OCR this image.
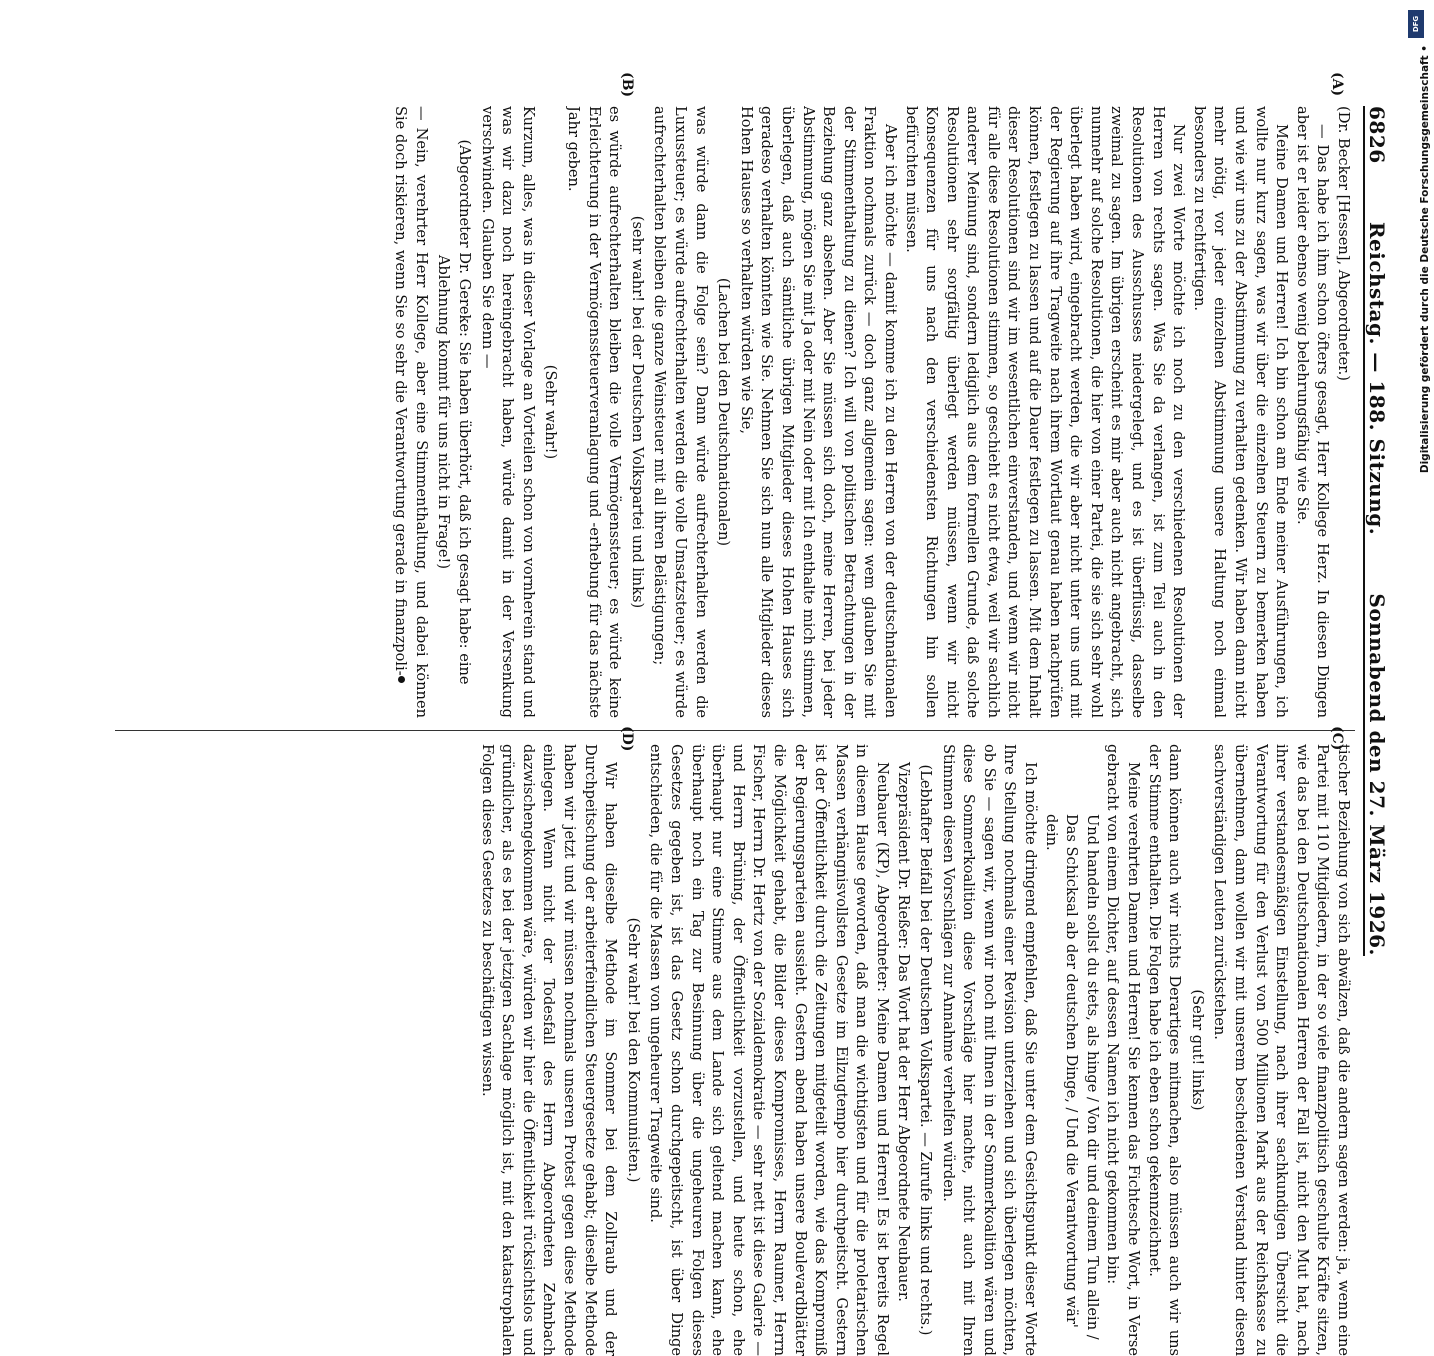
6826
Reichstag. — 188. Sitzung.
Sonnabend den 27. März 1926.

(Dr. Becker [Hessen], Abgeordneter.)

— Das habe ich ihm schon öfters gesagt, Herr Kollege Herz. In diesen Dingen aber ist er leider ebenso wenig belehrungsfähig wie Sie.

Meine Damen und Herren! Ich bin schon am Ende meiner Ausführungen, ich wollte nur kurz sagen, was wir über die einzelnen Steuern zu bemerken haben und wie wir uns zu der Abstimmung zu verhalten gedenken. Wir haben dann nicht mehr nötig, vor jeder einzelnen Abstimmung unsere Haltung noch einmal besonders zu rechtfertigen.

Nur zwei Worte möchte ich noch zu den verschiedenen Resolutionen der Herren von rechts sagen. Was Sie da verlangen, ist zum Teil auch in den Resolutionen des Ausschusses niedergelegt, und es ist überflüssig, dasselbe zweimal zu sagen. Im übrigen erscheint es mir aber auch nicht angebracht, sich nunmehr auf solche Resolutionen, die hier von einer Partei, die sie sich sehr wohl überlegt haben wird, eingebracht werden, die wir aber nicht unter uns und mit der Regierung auf ihre Tragweite nach ihrem Wortlaut genau haben nachprüfen können, festlegen zu lassen und auf die Dauer festlegen zu lassen. Mit dem Inhalt dieser Resolutionen sind wir im wesentlichen einverstanden, und wenn wir nicht für alle diese Resolutionen stimmen, so geschieht es nicht etwa, weil wir sachlich anderer Meinung sind, sondern lediglich aus dem formellen Grunde, daß solche Resolutionen sehr sorgfältig überlegt werden müssen, wenn wir nicht Konsequenzen für uns nach den verschiedensten Richtungen hin sollen befürchten müssen.

Aber ich möchte — damit komme ich zu den Herren von der deutschnationalen Fraktion nochmals zurück — doch ganz allgemein sagen: wem glauben Sie mit der Stimmenthaltung zu dienen? Ich will von politischen Betrachtungen in der Beziehung ganz absehen. Aber Sie müssen sich doch, meine Herren, bei jeder Abstimmung, mögen Sie mit Ja oder mit Nein oder mit Ich enthalte mich stimmen, überlegen, daß auch sämtliche übrigen Mitglieder dieses Hohen Hauses sich geradeso verhalten könnten wie Sie. Nehmen Sie sich nun alle Mitglieder dieses Hohen Hauses so verhalten würden wie Sie,

(Lachen bei den Deutschnationalen)

was würde dann die Folge sein? Dann würde aufrechterhalten werden die Luxussteuer; es würde aufrechterhalten werden die volle Umsatzsteuer; es würde aufrechterhalten bleiben die ganze Weinsteuer mit all ihren Belästigungen;

(sehr wahr! bei der Deutschen Volkspartei und links)

es würde aufrechterhalten bleiben die volle Vermögenssteuer; es würde keine Erleichterung in der Vermögenssteuerveranlagung und -erhebung für das nächste Jahr geben.

(Sehr wahr!)

Kurzum, alles, was in dieser Vorlage an Vorteilen schon von vornherein stand und was wir dazu noch hereingebracht haben, würde damit in der Versenkung verschwinden. Glauben Sie denn —

(Abgeordneter Dr. Gereke: Sie haben überhört, daß ich gesagt habe: eine Ablehnung kommt für uns nicht in Frage!)

— Nein, verehrter Herr Kollege, aber eine Stimmenthaltung, und dabei können Sie doch riskieren, wenn Sie so sehr die Verantwortung gerade in finanzpoli-

tischer Beziehung von sich abwälzen, daß die andern sagen werden: ja, wenn eine Partei mit 110 Mitgliedern, in der so viele finanzpolitisch geschulte Kräfte sitzen, wie das bei den Deutschnationalen Herren der Fall ist, nicht den Mut hat, nach ihrer verstandesmäßigen Einstellung, nach ihrer sachkundigen Übersicht die Verantwortung für den Verlust von 500 Millionen Mark aus der Reichskasse zu übernehmen, dann wollen wir mit unserem bescheidenen Verstand hinter diesen sachverständigen Leuten zurückstehen.

(Sehr gut! links)

dann können auch wir nichts Derartiges mitmachen, also müssen auch wir uns der Stimme enthalten. Die Folgen habe ich eben schon gekennzeichnet.

Meine verehrten Damen und Herren! Sie kennen das Fichtesche Wort, in Verse gebracht von einem Dichter, auf dessen Namen ich nicht gekommen bin:

Und handeln sollst du stets, als hinge / Von dir und deinem Tun allein / Das Schicksal ab der deutschen Dinge, / Und die Verantwortung wär' dein.

Ich möchte dringend empfehlen, daß Sie unter dem Gesichtspunkt dieser Worte Ihre Stellung nochmals einer Revision unterziehen und sich überlegen möchten, ob Sie — sagen wir, wenn wir noch mit Ihnen in der Sommerkoalition wären und diese Sommerkoalition diese Vorschläge hier machte, nicht auch mit Ihren Stimmen diesen Vorschlägen zur Annahme verhelfen würden.

(Lebhafter Beifall bei der Deutschen Volkspartei. — Zurufe links und rechts.)

Vizepräsident Dr. Rießer: Das Wort hat der Herr Abgeordnete Neubauer.

Neubauer (KP), Abgeordneter: Meine Damen und Herren! Es ist bereits Regel in diesem Hause geworden, daß man die wichtigsten und für die proletarischen Massen verhängnisvollsten Gesetze im Eilzugtempo hier durchpeitscht. Gestern ist der Öffentlichkeit durch die Zeitungen mitgeteilt worden, wie das Kompromiß der Regierungsparteien aussieht. Gestern abend haben unsere Boulevardblätter die Möglichkeit gehabt, die Bilder dieses Kompromisses, Herrn Raumer, Herrn Fischer, Herrn Dr. Hertz von der Sozialdemokratie — sehr nett ist diese Galerie — und Herrn Brüning, der Öffentlichkeit vorzustellen, und heute schon, ehe überhaupt nur eine Stimme aus dem Lande sich geltend machen kann, ehe überhaupt noch ein Tag zur Besinnung über die ungeheuren Folgen dieses Gesetzes gegeben ist, ist das Gesetz schon durchgepeitscht, ist über Dinge entschieden, die für die Massen von ungeheurer Tragweite sind.

(Sehr wahr! bei den Kommunisten.)

Wir haben dieselbe Methode im Sommer bei dem Zollraub und der Durchpeitschung der arbeiterfeindlichen Steuergesetze gehabt; dieselbe Methode haben wir jetzt und wir müssen nochmals unseren Protest gegen diese Methode einlegen. Wenn nicht der Todesfall des Herrn Abgeordneten Zehnbach dazwischengekommen wäre, würden wir hier die Öffentlichkeit rücksichtslos und gründlicher, als es bei der jetzigen Sachlage möglich ist, mit den katastrophalen Folgen dieses Gesetzes zu beschäftigen wissen.

(A)
(B)
(C)
(D)
DFG
Digitalisierung gefördert durch die Deutsche Forschungsgemeinschaft •
